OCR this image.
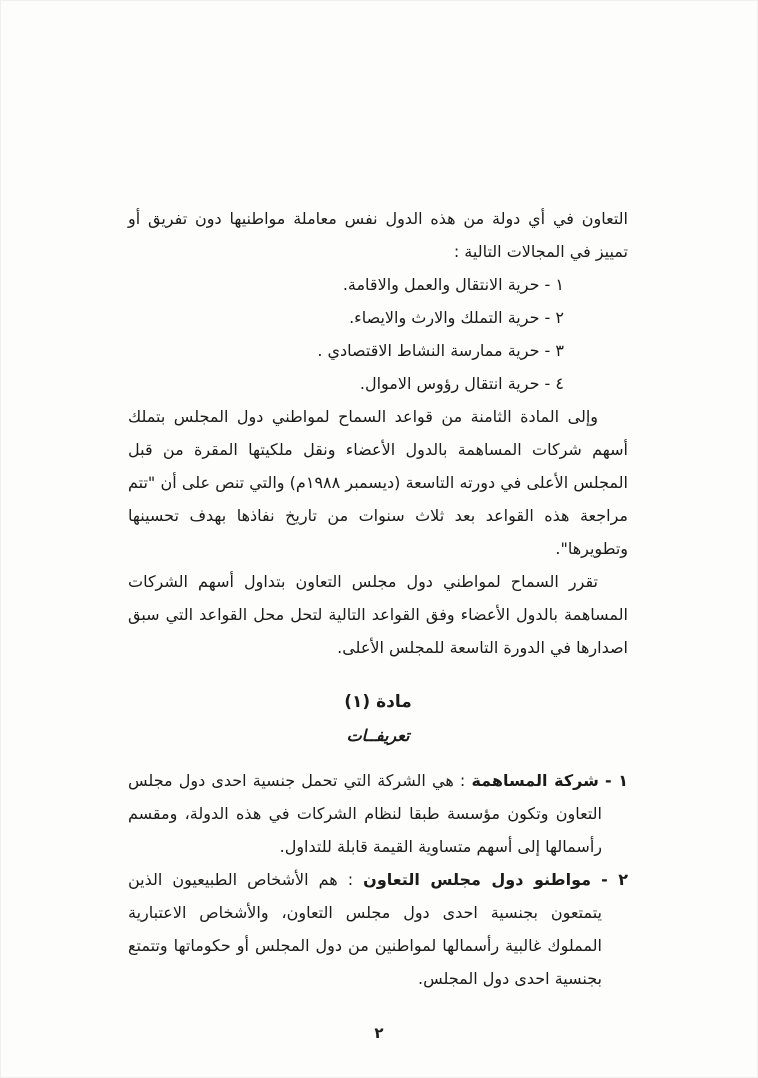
التعاون في أي دولة من هذه الدول نفس معاملة مواطنيها دون تفريق أو تمييز في المجالات التالية :

١ - حرية الانتقال والعمل والاقامة.
٢ - حرية التملك والارث والايصاء.
٣ - حرية ممارسة النشاط الاقتصادي .
٤ - حرية انتقال رؤوس الاموال.

وإلى المادة الثامنة من قواعد السماح لمواطني دول المجلس بتملك أسهم شركات المساهمة بالدول الأعضاء ونقل ملكيتها المقرة من قبل المجلس الأعلى في دورته التاسعة (ديسمبر ١٩٨٨م) والتي تنص على أن "تتم مراجعة هذه القواعد بعد ثلاث سنوات من تاريخ نفاذها بهدف تحسينها وتطويرها".

تقرر السماح لمواطني دول مجلس التعاون بتداول أسهم الشركات المساهمة بالدول الأعضاء وفق القواعد التالية لتحل محل القواعد التي سبق اصدارها في الدورة التاسعة للمجلس الأعلى.

مادة (١)
تعريفــات

١ - شركة المساهمة : هي الشركة التي تحمل جنسية احدى دول مجلس التعاون وتكون مؤسسة طبقا لنظام الشركات في هذه الدولة، ومقسم رأسمالها إلى أسهم متساوية القيمة قابلة للتداول.

٢ - مواطنو دول مجلس التعاون : هم الأشخاص الطبيعيون الذين يتمتعون بجنسية احدى دول مجلس التعاون، والأشخاص الاعتبارية المملوك غالبية رأسمالها لمواطنين من دول المجلس أو حكوماتها وتتمتع بجنسية احدى دول المجلس.

٢
